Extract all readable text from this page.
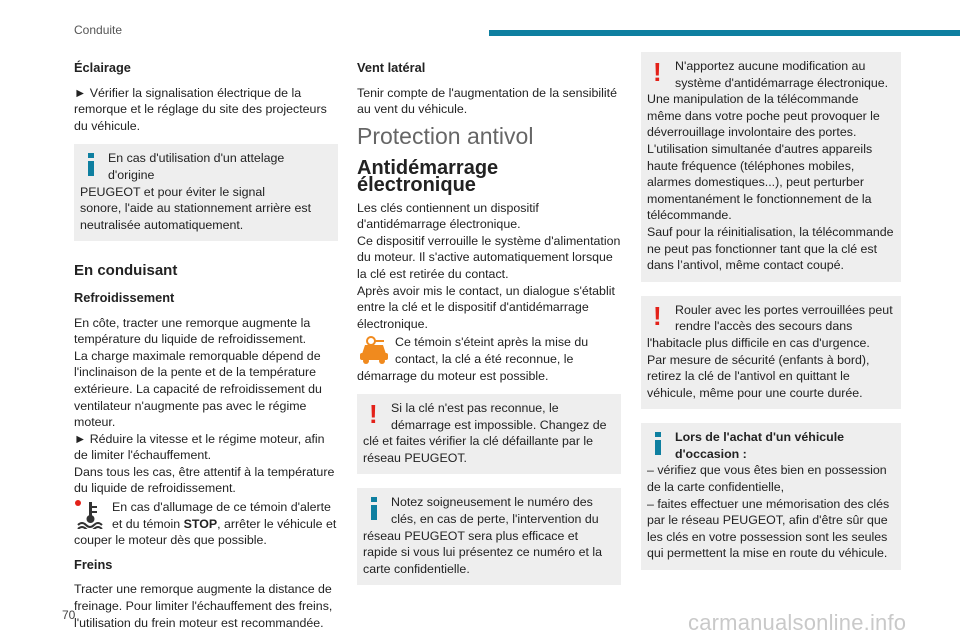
Conduite

Éclairage

► Vérifier la signalisation électrique de la remorque et le réglage du site des projecteurs du véhicule.

En cas d'utilisation d'un attelage d'origine
PEUGEOT et pour éviter le signal
sonore, l'aide au stationnement arrière est neutralisée automatiquement.

En conduisant

Refroidissement

En côte, tracter une remorque augmente la température du liquide de refroidissement.

La charge maximale remorquable dépend de l'inclinaison de la pente et de la température extérieure. La capacité de refroidissement du ventilateur n'augmente pas avec le régime moteur.

► Réduire la vitesse et le régime moteur, afin de limiter l'échauffement.

Dans tous les cas, être attentif à la température du liquide de refroidissement.

En cas d'allumage de ce témoin d'alerte
et du témoin STOP, arrêter le véhicule et
couper le moteur dès que possible.

Freins

Tracter une remorque augmente la distance de freinage. Pour limiter l'échauffement des freins, l'utilisation du frein moteur est recommandée.

Vent latéral

Tenir compte de l'augmentation de la sensibilité au vent du véhicule.

Protection antivol

Antidémarrage électronique

Les clés contiennent un dispositif d'antidémarrage électronique.

Ce dispositif verrouille le système d'alimentation du moteur. Il s'active automatiquement lorsque la clé est retirée du contact.

Après avoir mis le contact, un dialogue s'établit entre la clé et le dispositif d'antidémarrage électronique.

Ce témoin s'éteint après la mise du
contact, la clé a été reconnue, le
démarrage du moteur est possible.

!	Si la clé n'est pas reconnue, le
démarrage est impossible. Changez de
clé et faites vérifier la clé défaillante par le réseau PEUGEOT.
Notez soigneusement le numéro des
clés, en cas de perte, l'intervention du
réseau PEUGEOT sera plus efficace et rapide si vous lui présentez ce numéro et la carte confidentielle.
!	N'apportez aucune modification au
système d'antidémarrage électronique.
Une manipulation de la télécommande même dans votre poche peut provoquer le déverrouillage involontaire des portes.
L'utilisation simultanée d'autres appareils haute fréquence (téléphones mobiles, alarmes domestiques...), peut perturber momentanément le fonctionnement de la télécommande.
Sauf pour la réinitialisation, la télécommande ne peut pas fonctionner tant que la clé est dans l’antivol, même contact coupé.
!	Rouler avec les portes verrouillées peut
rendre l'accès des secours dans
l'habitacle plus difficile en cas d'urgence.
Par mesure de sécurité (enfants à bord), retirez la clé de l'antivol en quittant le véhicule, même pour une courte durée.
Lors de l'achat d'un véhicule
d'occasion :
– vérifiez que vous êtes bien en possession de la carte confidentielle,
– faites effectuer une mémorisation des clés par le réseau PEUGEOT, afin d'être sûr que les clés en votre possession sont les seules qui permettent la mise en route du véhicule.
70	carmanualsonline.info
